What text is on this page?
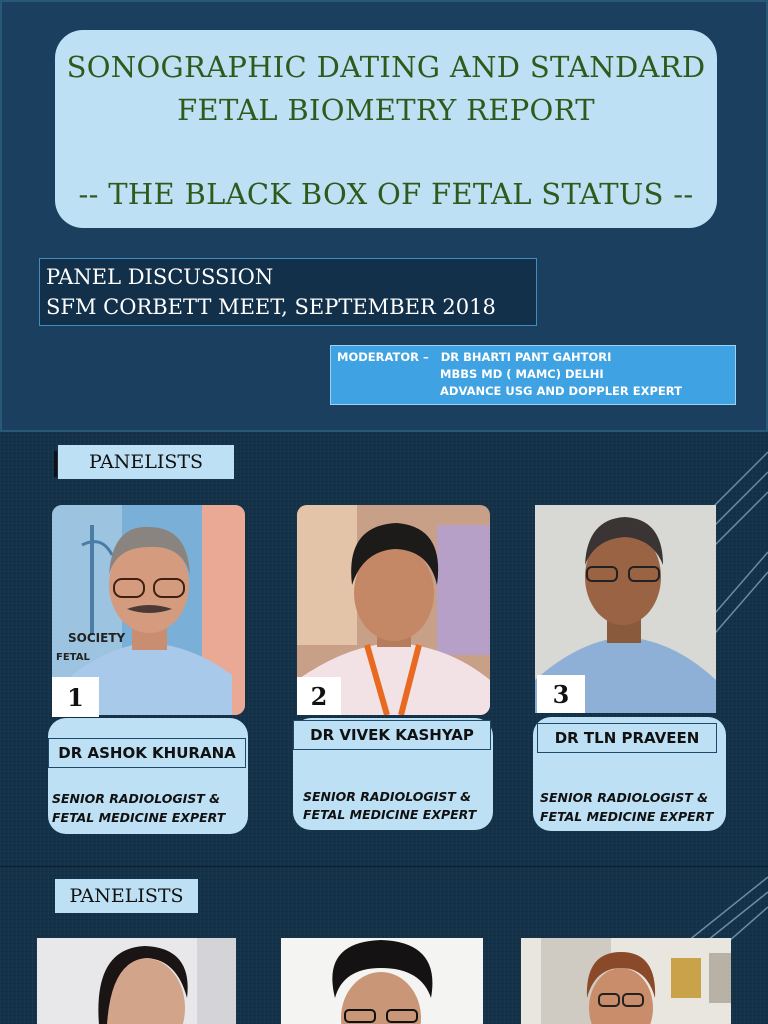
SONOGRAPHIC DATING AND STANDARD
FETAL BIOMETRY REPORT
-- THE BLACK BOX OF FETAL STATUS --
PANEL DISCUSSION
SFM CORBETT MEET, SEPTEMBER 2018
MODERATOR – DR BHARTI PANT GAHTORI
MBBS MD ( MAMC) DELHI
ADVANCE USG AND DOPPLER EXPERT
PANELISTS
SOCIETY
FETAL
1
DR ASHOK KHURANA
SENIOR RADIOLOGIST &
FETAL MEDICINE EXPERT
2
DR VIVEK KASHYAP
SENIOR RADIOLOGIST &
FETAL MEDICINE EXPERT
3
DR TLN PRAVEEN
SENIOR RADIOLOGIST &
FETAL MEDICINE EXPERT
PANELISTS
